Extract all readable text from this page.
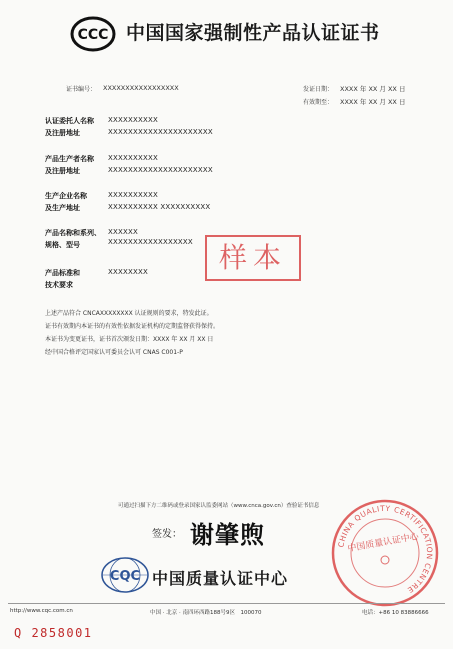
CCC 中国国家强制性产品认证证书
证书编号： XXXXXXXXXXXXXXXXX	发证日期： XXXX 年 XX 月 XX 日
有效期至： XXXX 年 XX 月 XX 日
认证委托人名称
及注册地址
XXXXXXXXXX
XXXXXXXXXXXXXXXXXXXXX
产品生产者名称
及注册地址
XXXXXXXXXX
XXXXXXXXXXXXXXXXXXXXX
生产企业名称
及生产地址
XXXXXXXXXX
XXXXXXXXXX XXXXXXXXXX
产品名称和系列、
规格、型号
XXXXXX
XXXXXXXXXXXXXXXXX 样本
产品标准和
技术要求
XXXXXXXX
上述产品符合 CNCAXXXXXXXX 认证规则的要求，特发此证。
证书有效期内本证书的有效性依据发证机构的定期监督获得保持。
本证书为变更证书，证书首次颁发日期：XXXX 年 XX 月 XX 日
经中国合格评定国家认可委员会认可 CNAS C001-P
可通过扫描下方二维码或登录国家认监委网站（www.cnca.gov.cn）查验证书信息
签发： 谢肇煦
CQC 中国质量认证中心
CHINA QUALITY CERTIFICATION CENTRE
中国质量认证中心
http://www.cqc.com.cn	中国 · 北京 · 南四环西路188号9区　100070	电话：+86 10 83886666
Q 2858001
